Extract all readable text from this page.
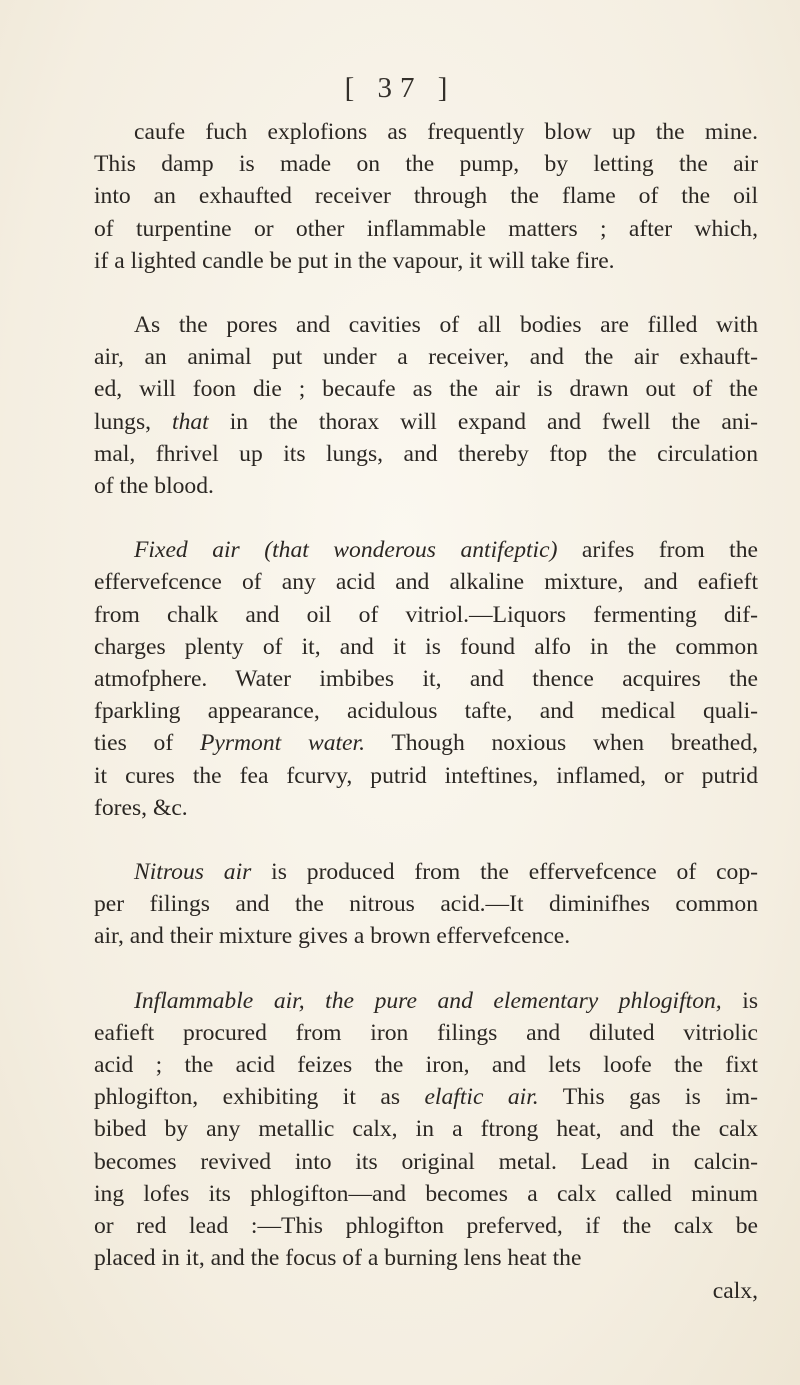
[ 37 ]

caufe fuch explofions as frequently blow up the mine.
This damp is made on the pump, by letting the air
into an exhaufted receiver through the flame of the oil
of turpentine or other inflammable matters ; after which,
if a lighted candle be put in the vapour, it will take fire.

As the pores and cavities of all bodies are filled with
air, an animal put under a receiver, and the air exhauft-
ed, will foon die ; becaufe as the air is drawn out of the
lungs, that in the thorax will expand and fwell the ani-
mal, fhrivel up its lungs, and thereby ftop the circulation
of the blood.

Fixed air (that wonderous antifeptic) arifes from the
effervefcence of any acid and alkaline mixture, and eafieft
from chalk and oil of vitriol.—Liquors fermenting dif-
charges plenty of it, and it is found alfo in the common
atmofphere. Water imbibes it, and thence acquires the
fparkling appearance, acidulous tafte, and medical quali-
ties of Pyrmont water. Though noxious when breathed,
it cures the fea fcurvy, putrid inteftines, inflamed, or putrid
fores, &c.

Nitrous air is produced from the effervefcence of cop-
per filings and the nitrous acid.—It diminifhes common
air, and their mixture gives a brown effervefcence.

Inflammable air, the pure and elementary phlogifton, is
eafieft procured from iron filings and diluted vitriolic
acid ; the acid feizes the iron, and lets loofe the fixt
phlogifton, exhibiting it as elaftic air. This gas is im-
bibed by any metallic calx, in a ftrong heat, and the calx
becomes revived into its original metal. Lead in calcin-
ing lofes its phlogifton—and becomes a calx called minum
or red lead :—This phlogifton preferved, if the calx be
placed in it, and the focus of a burning lens heat the
calx,
